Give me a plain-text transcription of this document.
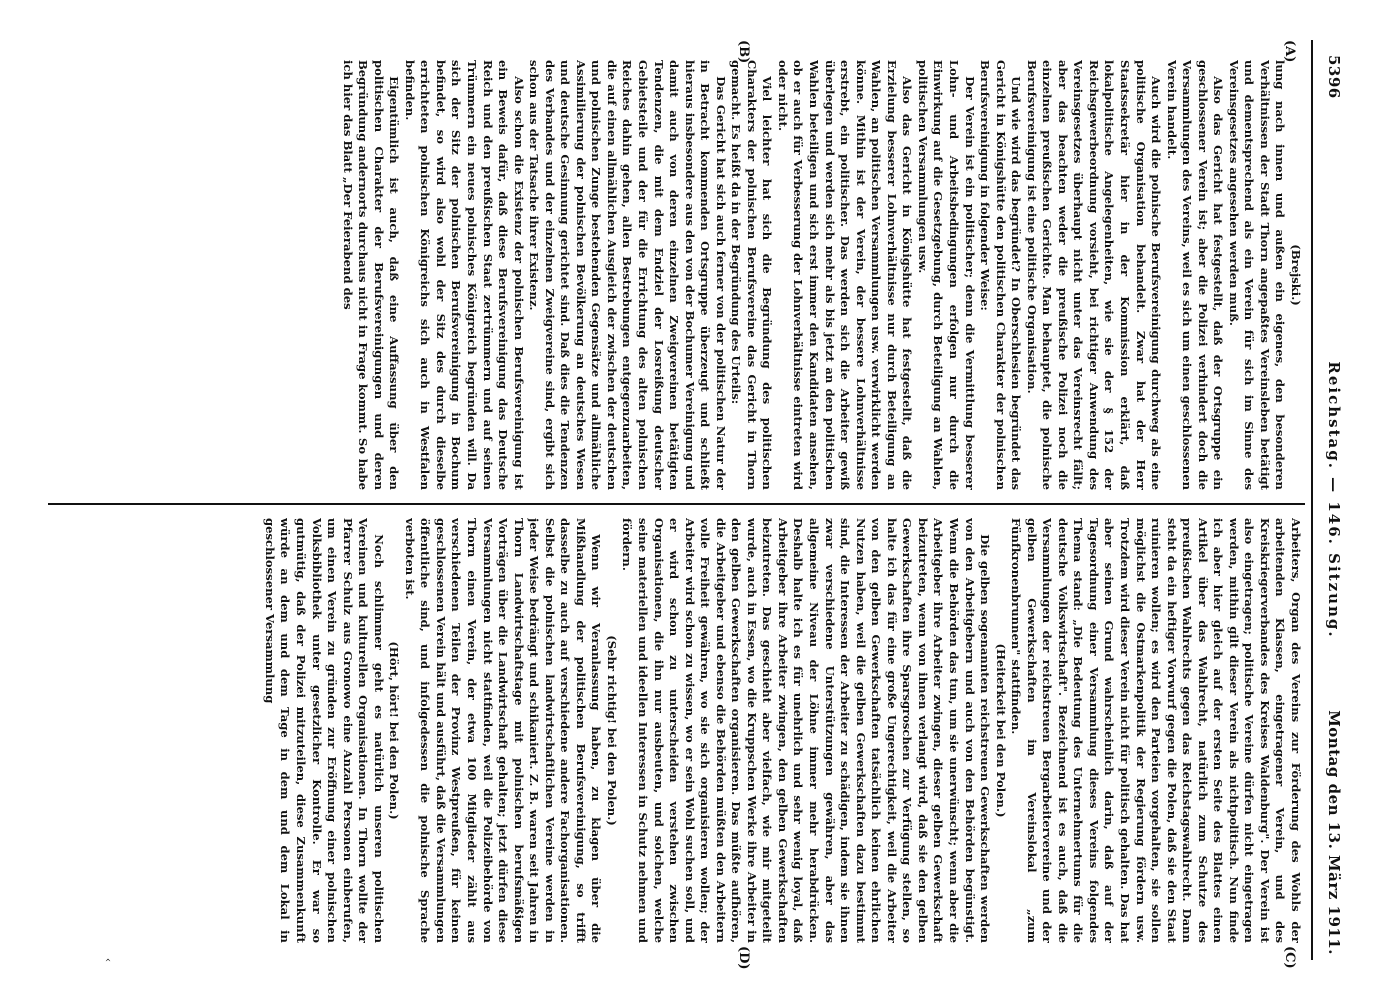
5396
Reichstag. — 146. Sitzung.
Montag den 13. März 1911.
(A)
(B)
(C)
(D)

(Brejski.)

lung nach innen und außen ein eigenes, den besonderen Verhältnissen der Stadt Thorn angepaßtes Vereinsleben betätigt und dementsprechend als ein Verein für sich im Sinne des Vereinsgesetzes angesehen werden muß.

Also das Gericht hat festgestellt, daß der Ortsgruppe ein geschlossener Verein ist; aber die Polizei verhindert doch die Versammlungen des Vereins, weil es sich um einen geschlossenen Verein handelt.

Auch wird die polnische Berufsvereinigung durchweg als eine politische Organisation behandelt. Zwar hat der Herr Staatssekretär hier in der Kommission erklärt, daß lokalpolitische Angelegenheiten, wie sie der § 152 der Reichsgewerbeordnung vorsieht, bei richtiger Anwendung des Vereinsgesetzes überhaupt nicht unter das Vereinsrecht fällt; aber das beachten weder die preußische Polizei noch die einzelnen preußischen Gerichte. Man behauptet, die polnische Berufsvereinigung ist eine politische Organisation.

Und wie wird das begründet? In Oberschlesien begründet das Gericht in Königshütte den politischen Charakter der polnischen Berufsvereinigung in folgender Weise:

Der Verein ist ein politischer; denn die Vermittlung besserer Lohn- und Arbeitsbedingungen erfolgen nur durch die Einwirkung auf die Gesetzgebung, durch Beteiligung an Wahlen, politischen Versammlungen usw.

Also das Gericht in Königshütte hat festgestellt, daß die Erzielung besserer Lohnverhältnisse nur durch Beteiligung an Wahlen, an politischen Versammlungen usw. verwirklicht werden könne. Mithin ist der Verein, der bessere Lohnverhältnisse erstrebt, ein politischer. Das werden sich die Arbeiter gewiß überlegen und werden sich mehr als bis jetzt an den politischen Wahlen beteiligen und sich erst immer den Kandidaten ansehen, ob er auch für Verbesserung der Lohnverhältnisse eintreten wird oder nicht.

Viel leichter hat sich die Begründung des politischen Charakters der polnischen Berufsvereine das Gericht in Thorn gemacht. Es heißt da in der Begründung des Urteils:

Das Gericht hat sich auch ferner von der politischen Natur der in Betracht kommenden Ortsgruppe überzeugt und schließt hieraus insbesondere aus den von der Bochumer Vereinigung und damit auch von deren einzelnen Zweigvereinen betätigten Tendenzen, die mit dem Endziel der Losreißung deutscher Gebietsteile und der für die Errichtung des alten polnischen Reiches dahin gehen, allen Bestrebungen entgegenzuarbeiten, die auf einen allmählichen Ausgleich der zwischen der deutschen und polnischen Zunge bestehenden Gegensätze und allmähliche Assimilierung der polnischen Bevölkerung an deutsches Wesen und deutsche Gesinnung gerichtet sind. Daß dies die Tendenzen des Verbandes und der einzelnen Zweigvereine sind, ergibt sich schon aus der Tatsache ihrer Existenz.

Also schon die Existenz der polnischen Berufsvereinigung ist ein Beweis dafür, daß diese Berufsvereinigung das Deutsche Reich und den preußischen Staat zertrümmern und auf seinen Trümmern ein neues polnisches Königreich begründen will. Da sich der Sitz der polnischen Berufsvereinigung in Bochum befindet, so wird also wohl der Sitz des durch dieselbe errichteten polnischen Königreichs sich auch in Westfalen befinden.

Eigentümlich ist auch, daß eine Auffassung über den politischen Charakter der Berufsvereinigungen und deren Begründung andernorts durchaus nicht in Frage kommt. So habe ich hier das Blatt „Der Feierabend des

Arbeiters, Organ des Vereins zur Förderung des Wohls der arbeitenden Klassen, eingetragener Verein, und des Kreiskriegerverbandes des Kreises Waldenburg". Der Verein ist also eingetragen; politische Vereine dürfen nicht eingetragen werden, mithin gilt dieser Verein als nichtpolitisch. Nun finde ich aber hier gleich auf der ersten Seite des Blattes einen Artikel über das Wahlrecht, natürlich zum Schutze des preußischen Wahlrechts gegen das Reichstagswahlrecht. Dann steht da ein heftiger Vorwurf gegen die Polen, daß sie den Staat ruinieren wollen; es wird den Parteien vorgehalten, sie sollen möglichst die Ostmarkenpolitik der Regierung fördern usw. Trotzdem wird dieser Verein nicht für politisch gehalten. Das hat aber seinen Grund wahrscheinlich darin, daß auf der Tagesordnung einer Versammlung dieses Vereins folgendes Thema stand: „Die Bedeutung des Unternehmertums für die deutsche Volkswirtschaft". Bezeichnend ist es auch, daß die Versammlungen der reichstreuen Bergarbeitervereine und der gelben Gewerkschaften im Vereinslokal „zum Fünfkronenbrunnen" stattfinden.

(Heiterkeit bei den Polen.)

Die gelben sogenannten reichstreuen Gewerkschaften werden von den Arbeitgebern und auch von den Behörden begünstigt. Wenn die Behörden das tun, um sie unerwünscht; wenn aber die Arbeitgeber ihre Arbeiter zwingen, dieser gelben Gewerkschaft beizutreten, wenn von ihnen verlangt wird, daß sie den gelben Gewerkschaften ihre Sparsgroschen zur Verfügung stellen, so halte ich das für eine große Ungerechtigkeit, weil die Arbeiter von den gelben Gewerkschaften tatsächlich keinen ehrlichen Nutzen haben, weil die gelben Gewerkschaften dazu bestimmt sind, die Interessen der Arbeiter zu schädigen, indem sie ihnen zwar verschiedene Unterstützungen gewähren, aber das allgemeine Niveau der Löhne immer mehr herabdrücken. Deshalb halte ich es für unehrlich und sehr wenig loyal, daß Arbeitgeber ihre Arbeiter zwingen, den gelben Gewerkschaften beizutreten. Das geschieht aber vielfach, wie mir mitgeteilt wurde, auch in Essen, wo die Kruppschen Werke ihre Arbeiter in den gelben Gewerkschaften organisieren. Das müßte aufhören, die Arbeitgeber und ebenso die Behörden müßten den Arbeitern volle Freiheit gewähren, wo sie sich organisieren wollen; der Arbeiter wird schon zu wissen, wo er sein Wohl suchen soll, und er wird schon zu unterscheiden verstehen zwischen Organisationen, die ihn nur ausbeuten, und solchen, welche seine materiellen und ideellen Interessen in Schutz nehmen und fördern.

(Sehr richtig! bei den Polen.)

Wenn wir Veranlassung haben, zu klagen über die Mißhandlung der politischen Berufsvereinigung, so trifft dasselbe zu auch auf verschiedene andere Fachorganisationen. Selbst die polnischen landwirtschaftlichen Vereine werden in jeder Weise bedrängt und schikaniert. Z. B. waren seit Jahren in Thorn Landwirtschaftstage mit polnischen berufsmäßigen Vorträgen über die Landwirtschaft gehalten; jetzt dürfen diese Versammlungen nicht stattfinden, weil die Polizeibehörde von Thorn einen Verein, der etwa 100 Mitglieder zählt aus verschiedenen Teilen der Provinz Westpreußen, für keinen geschlossenen Verein hält und ausführt, daß die Versammlungen öffentliche sind, und infolgedessen die polnische Sprache verboten ist.

(Hört, hört! bei den Polen.)

Noch schlimmer geht es natürlich unseren politischen Vereinen und kulturellen Organisationen. In Thorn wollte der Pfarrer Schulz aus Gronowo eine Anzahl Personen einberufen, um einen Verein zu gründen zur Eröffnung einer polnischen Volksbibliothek unter gesetzlicher Kontrolle. Er war so gutmütig, daß der Polizei mitzuteilen, diese Zusammenkunft würde an dem und dem Tage in dem und dem Lokal in geschlossener Versammlung

‹
